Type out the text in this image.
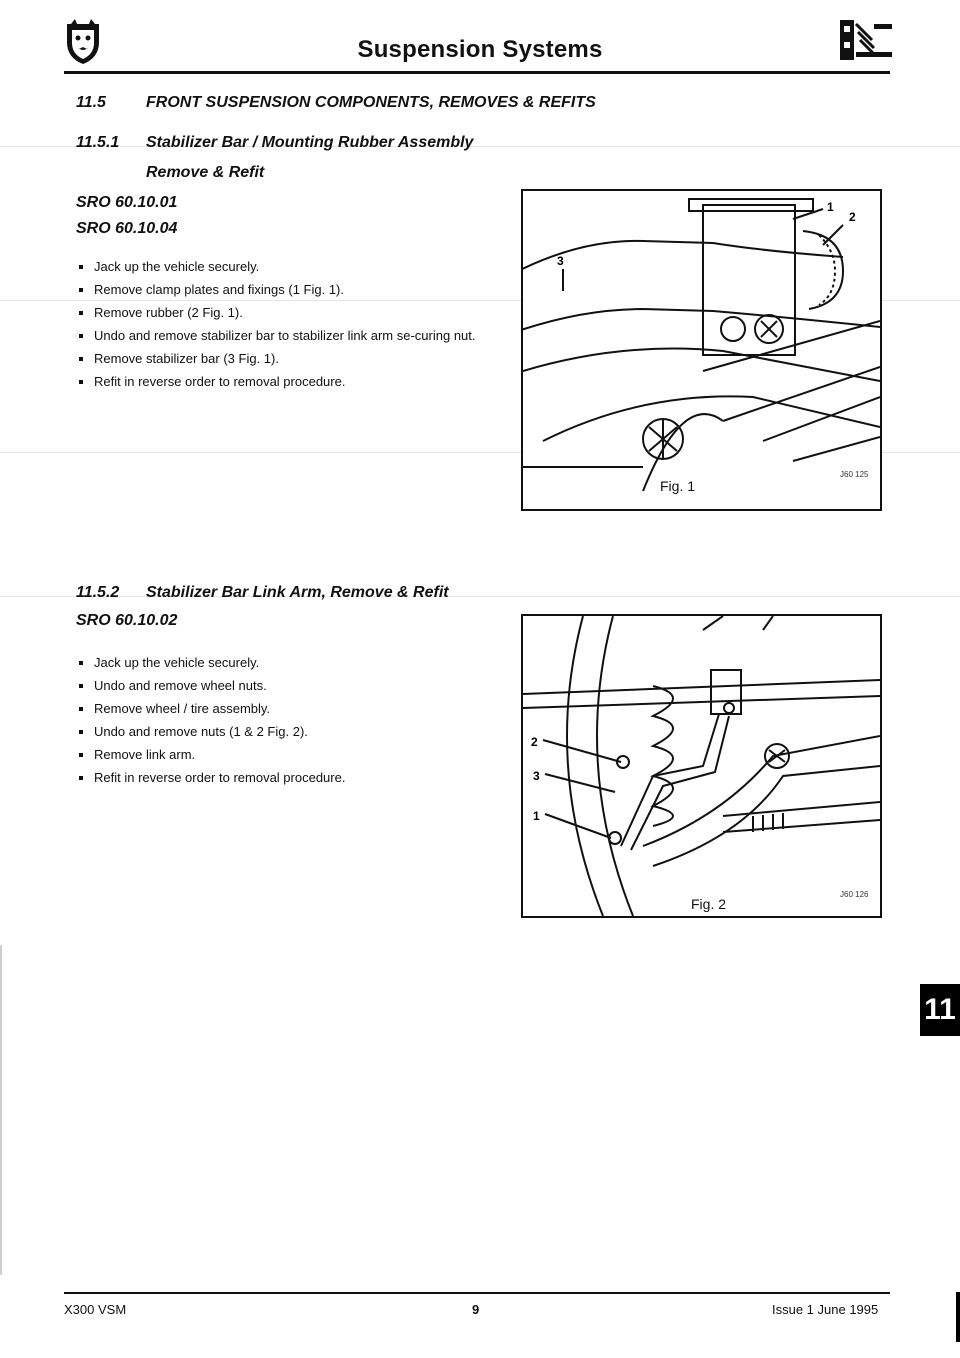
Suspension Systems
11.5	FRONT SUSPENSION COMPONENTS, REMOVES & REFITS
11.5.1 Stabilizer Bar / Mounting Rubber Assembly
Remove & Refit
SRO 60.10.01
SRO 60.10.04
Jack up the vehicle securely.
Remove clamp plates and fixings (1 Fig. 1).
Remove rubber (2 Fig. 1).
Undo and remove stabilizer bar to stabilizer link arm se-curing nut.
Remove stabilizer bar (3 Fig. 1).
Refit in reverse order to removal procedure.
1
2
3
Fig. 1
J60 125
11.5.2 Stabilizer Bar Link Arm, Remove & Refit
SRO 60.10.02
Jack up the vehicle securely.
Undo and remove wheel nuts.
Remove wheel / tire assembly.
Undo and remove nuts (1 & 2 Fig. 2).
Remove link arm.
Refit in reverse order to removal procedure.
2
3
1
Fig. 2
J60 126
11
X300 VSM	9	Issue 1 June 1995
